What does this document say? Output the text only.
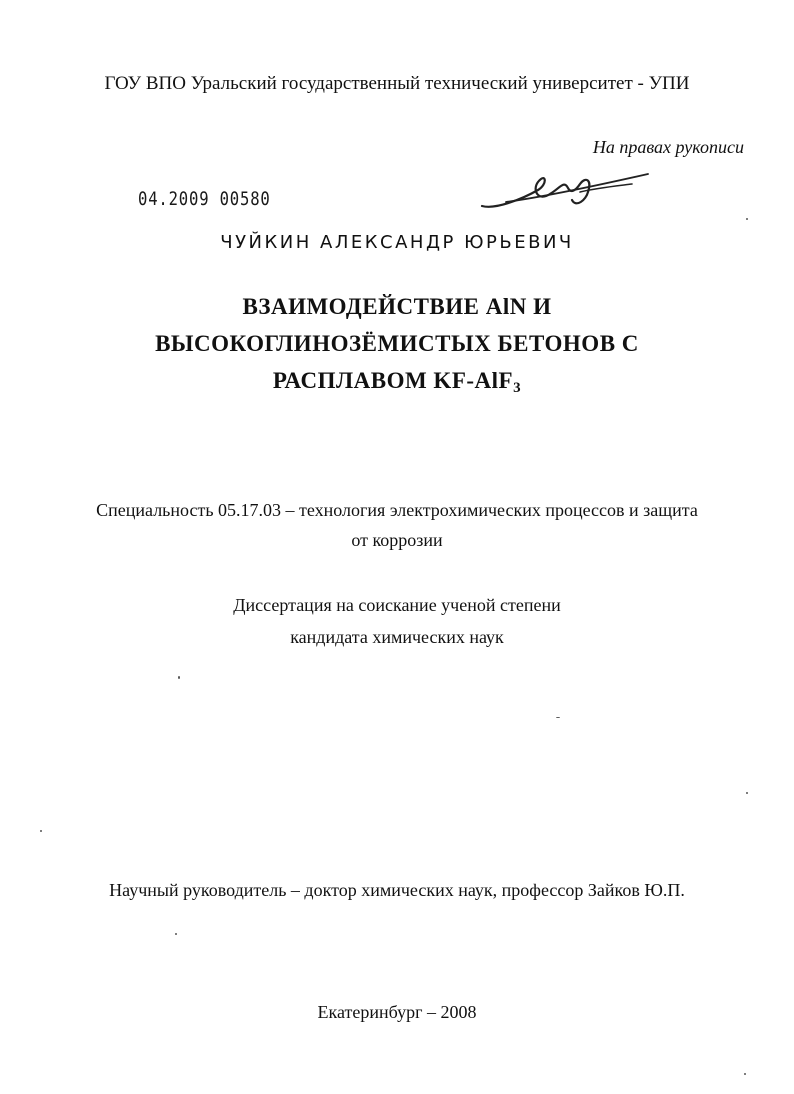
ГОУ ВПО Уральский государственный технический университет - УПИ
На правах рукописи
04.2009 00580
ЧУЙКИН АЛЕКСАНДР ЮРЬЕВИЧ
ВЗАИМОДЕЙСТВИЕ AlN И
ВЫСОКОГЛИНОЗЁМИСТЫХ БЕТОНОВ С
РАСПЛАВОМ KF-AlF$_3$
Специальность 05.17.03 – технология электрохимических процессов и защита
от коррозии
Диссертация на соискание ученой степени
кандидата химических наук
Научный руководитель – доктор химических наук, профессор Зайков Ю.П.
Екатеринбург – 2008
